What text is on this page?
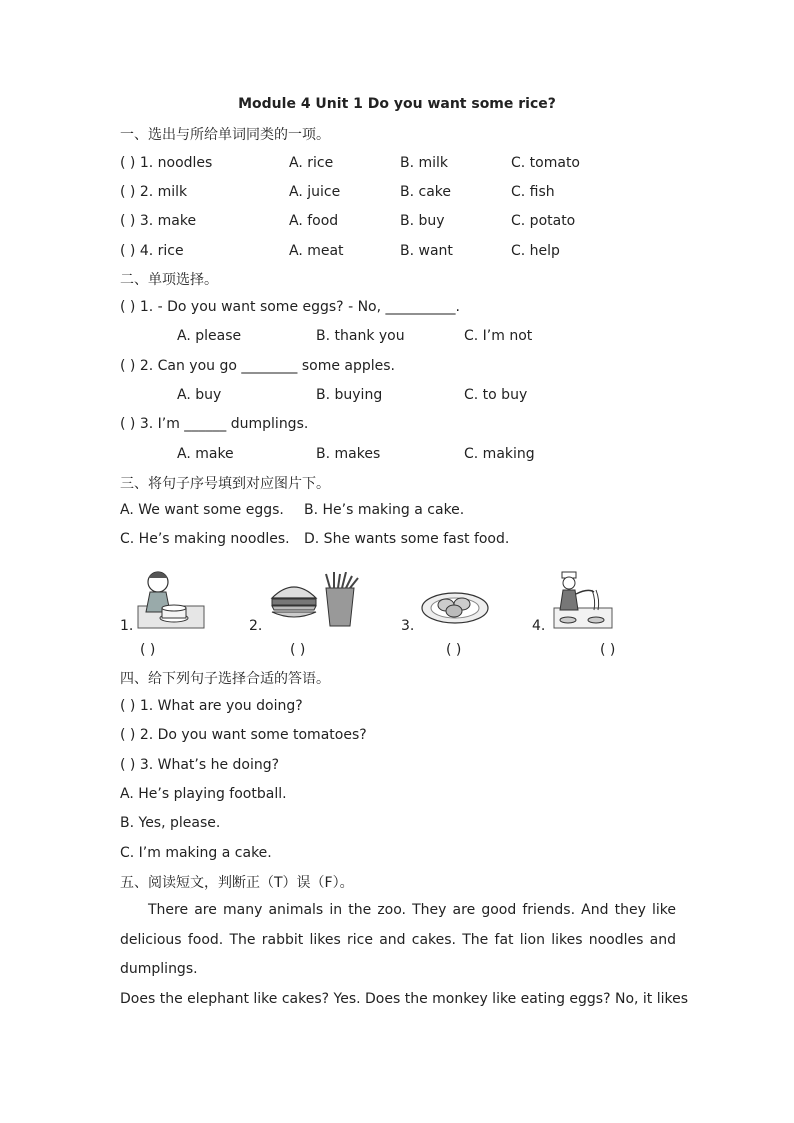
Module 4 Unit 1 Do you want some rice?
一、选出与所给单词同类的一项。
( ) 1. noodles	A. rice	B. milk	C. tomato
( ) 2. milk	A. juice	B. cake	C. fish
( ) 3. make	A. food	B. buy	C. potato
( ) 4. rice	A. meat	B. want	C. help
二、单项选择。
( ) 1. - Do you want some eggs? - No, __________.
A. please	B. thank you	C. I’m not
( ) 2. Can you go ________ some apples.
A. buy	B. buying	C. to buy
( ) 3. I’m ______ dumplings.
A. make	B. makes	C. making
三、将句子序号填到对应图片下。
A. We want some eggs. B. He’s making a cake.
C. He’s making noodles. D. She wants some fast food.
1.	2.	3.	4.
( )	( )	( )	( )
四、给下列句子选择合适的答语。
( ) 1. What are you doing?
( ) 2. Do you want some tomatoes?
( ) 3. What’s he doing?
A. He’s playing football.
B. Yes, please.
C. I’m making a cake.
五、阅读短文，判断正（T）误（F）。

There are many animals in the zoo. They are good friends. And they like delicious food. The rabbit likes rice and cakes. The fat lion likes noodles and dumplings.

Does the elephant like cakes? Yes. Does the monkey like eating eggs? No, it likes
